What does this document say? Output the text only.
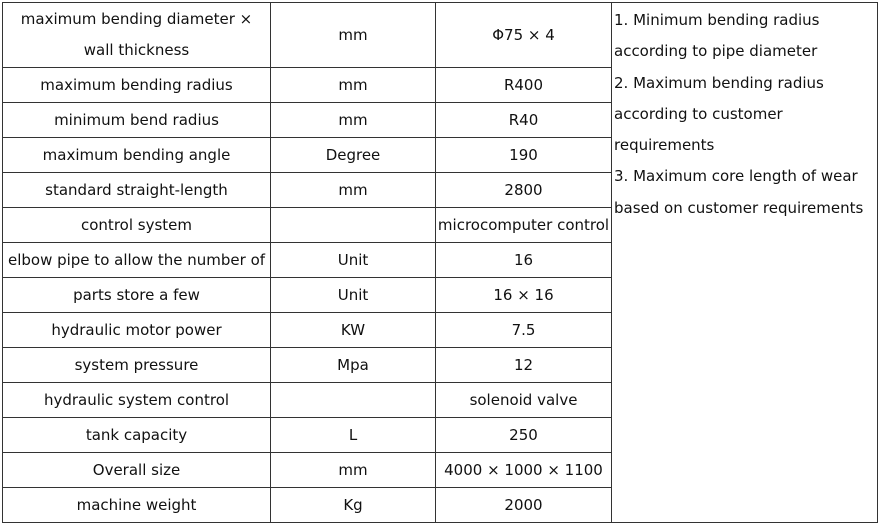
maximum bending diameter × wall thickness	mm	Φ75 × 4	1. Minimum bending radius according to pipe diameter
2. Maximum bending radius according to customer requirements
3. Maximum core length of wear based on customer requirements

maximum bending radius	mm	R400	
minimum bend radius	mm	R40	
maximum bending angle	Degree	190	
standard straight-length	mm	2800	
control system		microcomputer control	
elbow pipe to allow the number of	Unit	16	
parts store a few	Unit	16 × 16	
hydraulic motor power	KW	7.5	
system pressure	Mpa	12	
hydraulic system control		solenoid valve	
tank capacity	L	250	
Overall size	mm	4000 × 1000 × 1100	
machine weight	Kg	2000	
